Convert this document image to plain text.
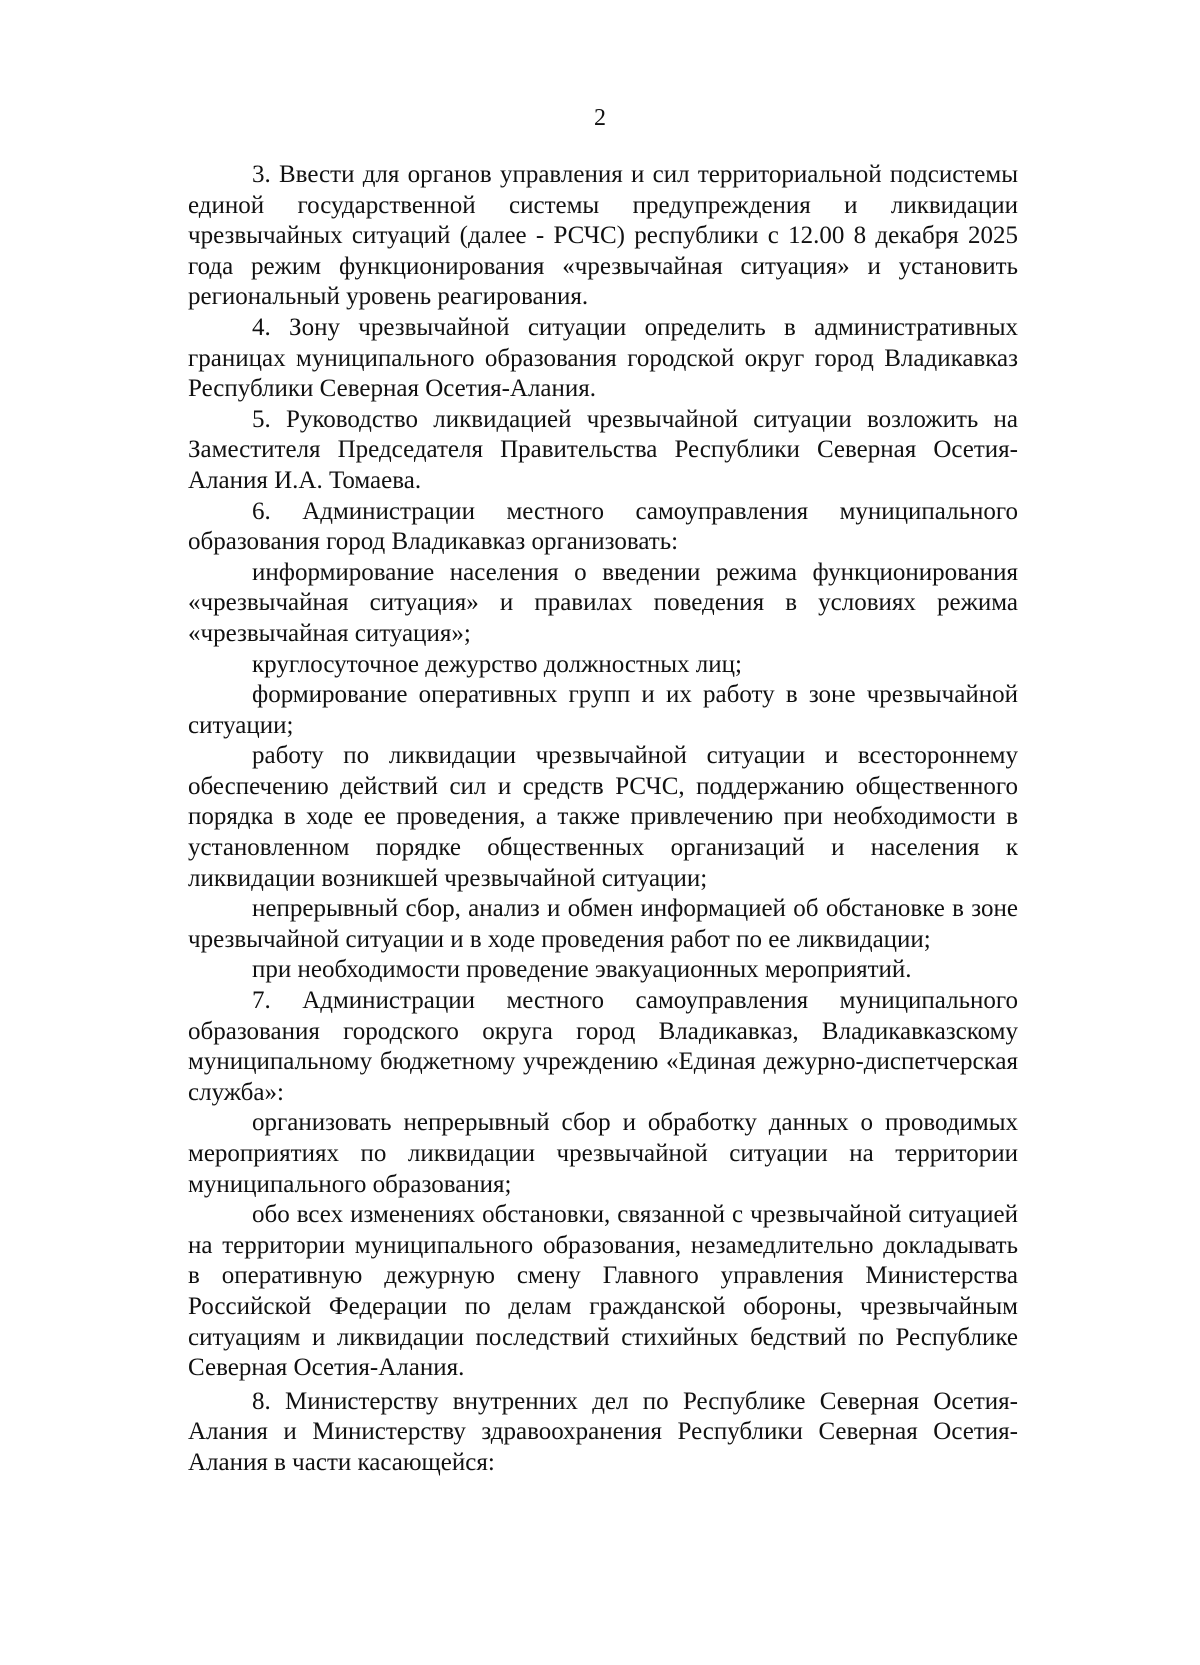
2

3. Ввести для органов управления и сил территориальной подсистемы единой государственной системы предупреждения и ликвидации чрезвычайных ситуаций (далее - РСЧС) республики с 12.00 8 декабря 2025 года режим функционирования «чрезвычайная ситуация» и установить региональный уровень реагирования.

4. Зону чрезвычайной ситуации определить в административных границах муниципального образования городской округ город Владикавказ Республики Северная Осетия-Алания.

5. Руководство ликвидацией чрезвычайной ситуации возложить на Заместителя Председателя Правительства Республики Северная Осетия-Алания И.А. Томаева.

6. Администрации местного самоуправления муниципального образования город Владикавказ организовать:

информирование населения о введении режима функционирования «чрезвычайная ситуация» и правилах поведения в условиях режима «чрезвычайная ситуация»;

круглосуточное дежурство должностных лиц;

формирование оперативных групп и их работу в зоне чрезвычайной ситуации;

работу по ликвидации чрезвычайной ситуации и всестороннему обеспечению действий сил и средств РСЧС, поддержанию общественного порядка в ходе ее проведения, а также привлечению при необходимости в установленном порядке общественных организаций и населения к ликвидации возникшей чрезвычайной ситуации;

непрерывный сбор, анализ и обмен информацией об обстановке в зоне чрезвычайной ситуации и в ходе проведения работ по ее ликвидации;

при необходимости проведение эвакуационных мероприятий.

7. Администрации местного самоуправления муниципального образования городского округа город Владикавказ, Владикавказскому муниципальному бюджетному учреждению «Единая дежурно-диспетчерская служба»:

организовать непрерывный сбор и обработку данных о проводимых мероприятиях по ликвидации чрезвычайной ситуации на территории муниципального образования;

обо всех изменениях обстановки, связанной с чрезвычайной ситуацией на территории муниципального образования, незамедлительно докладывать в оперативную дежурную смену Главного управления Министерства Российской Федерации по делам гражданской обороны, чрезвычайным ситуациям и ликвидации последствий стихийных бедствий по Республике Северная Осетия-Алания.

8. Министерству внутренних дел по Республике Северная Осетия-Алания и Министерству здравоохранения Республики Северная Осетия-Алания в части касающейся:
